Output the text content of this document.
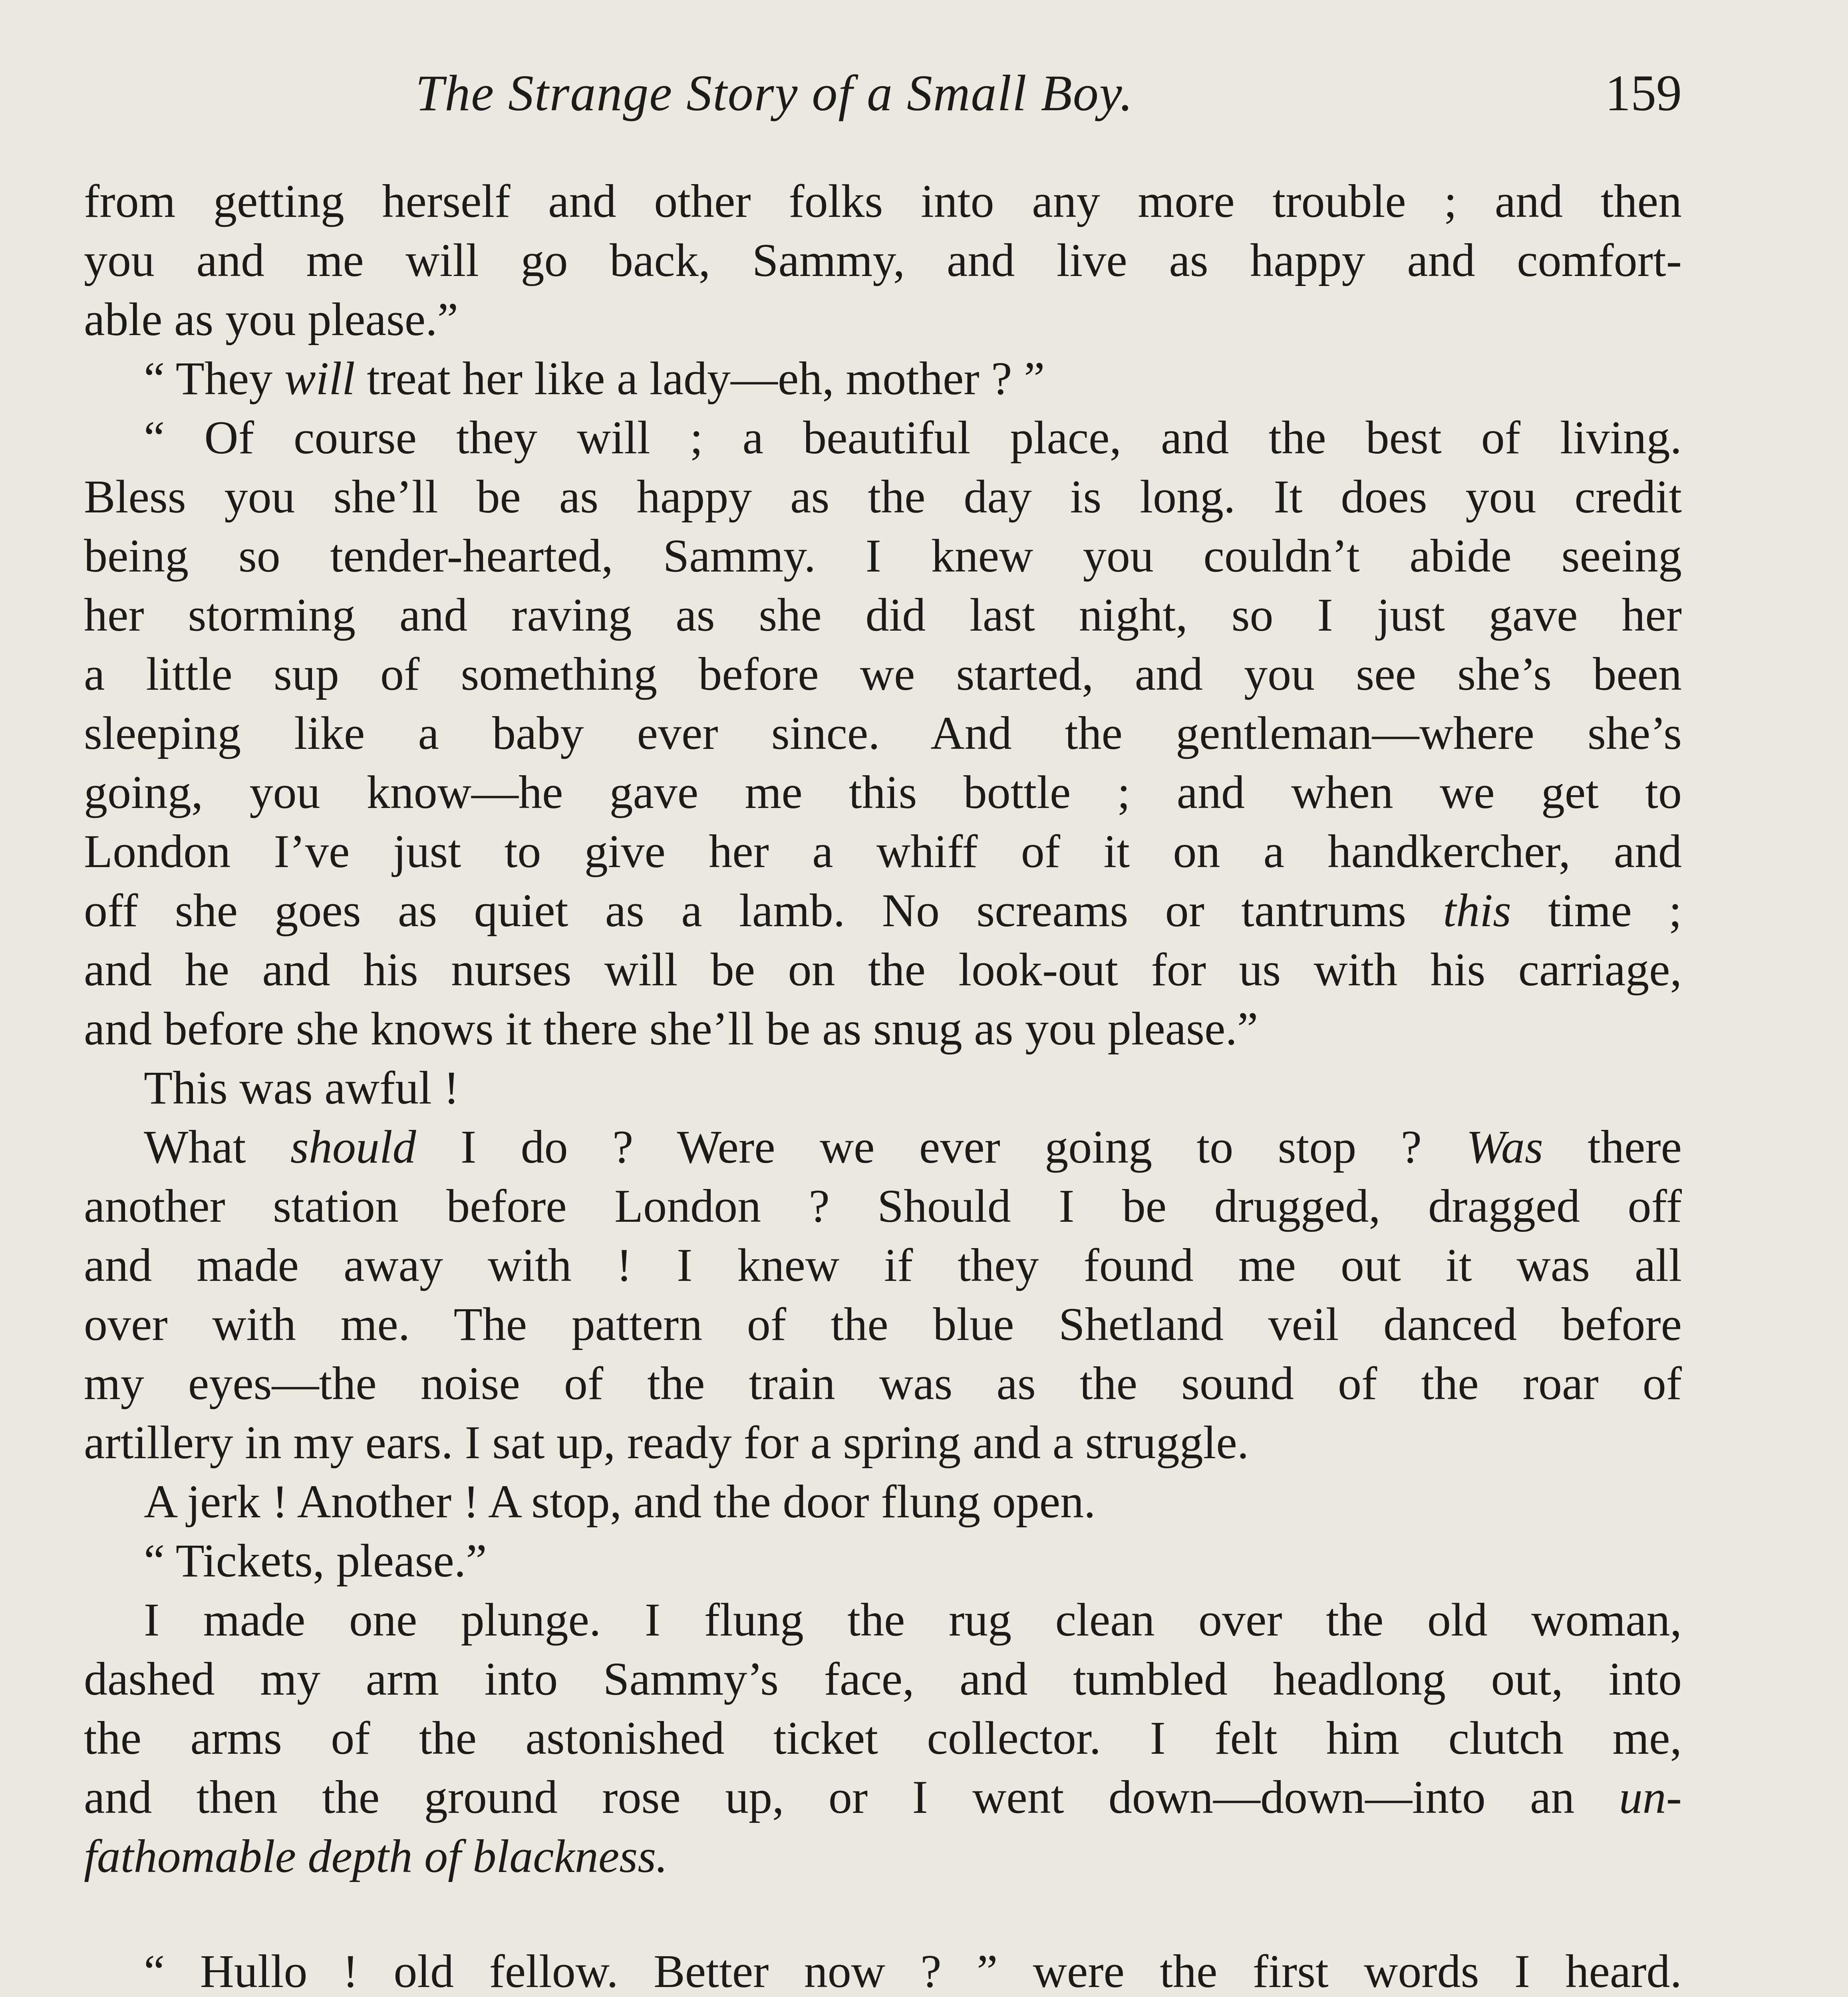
The Strange Story of a Small Boy.	159
from getting herself and other folks into any more trouble ; and then
you and me will go back, Sammy, and live as happy and comfort-
able as you please.”
“ They will treat her like a lady—eh, mother ? ”
“ Of course they will ; a beautiful place, and the best of living.
Bless you she’ll be as happy as the day is long. It does you credit
being so tender-hearted, Sammy. I knew you couldn’t abide seeing
her storming and raving as she did last night, so I just gave her
a little sup of something before we started, and you see she’s been
sleeping like a baby ever since. And the gentleman—where she’s
going, you know—he gave me this bottle ; and when we get to
London I’ve just to give her a whiff of it on a handkercher, and
off she goes as quiet as a lamb. No screams or tantrums this time ;
and he and his nurses will be on the look-out for us with his carriage,
and before she knows it there she’ll be as snug as you please.”
This was awful !
What should I do ? Were we ever going to stop ? Was there
another station before London ? Should I be drugged, dragged off
and made away with ! I knew if they found me out it was all
over with me. The pattern of the blue Shetland veil danced before
my eyes—the noise of the train was as the sound of the roar of
artillery in my ears. I sat up, ready for a spring and a struggle.
A jerk ! Another ! A stop, and the door flung open.
“ Tickets, please.”
I made one plunge. I flung the rug clean over the old woman,
dashed my arm into Sammy’s face, and tumbled headlong out, into
the arms of the astonished ticket collector. I felt him clutch me,
and then the ground rose up, or I went down—down—into an un-
fathomable depth of blackness.
“ Hullo ! old fellow. Better now ? ” were the first words I heard.
